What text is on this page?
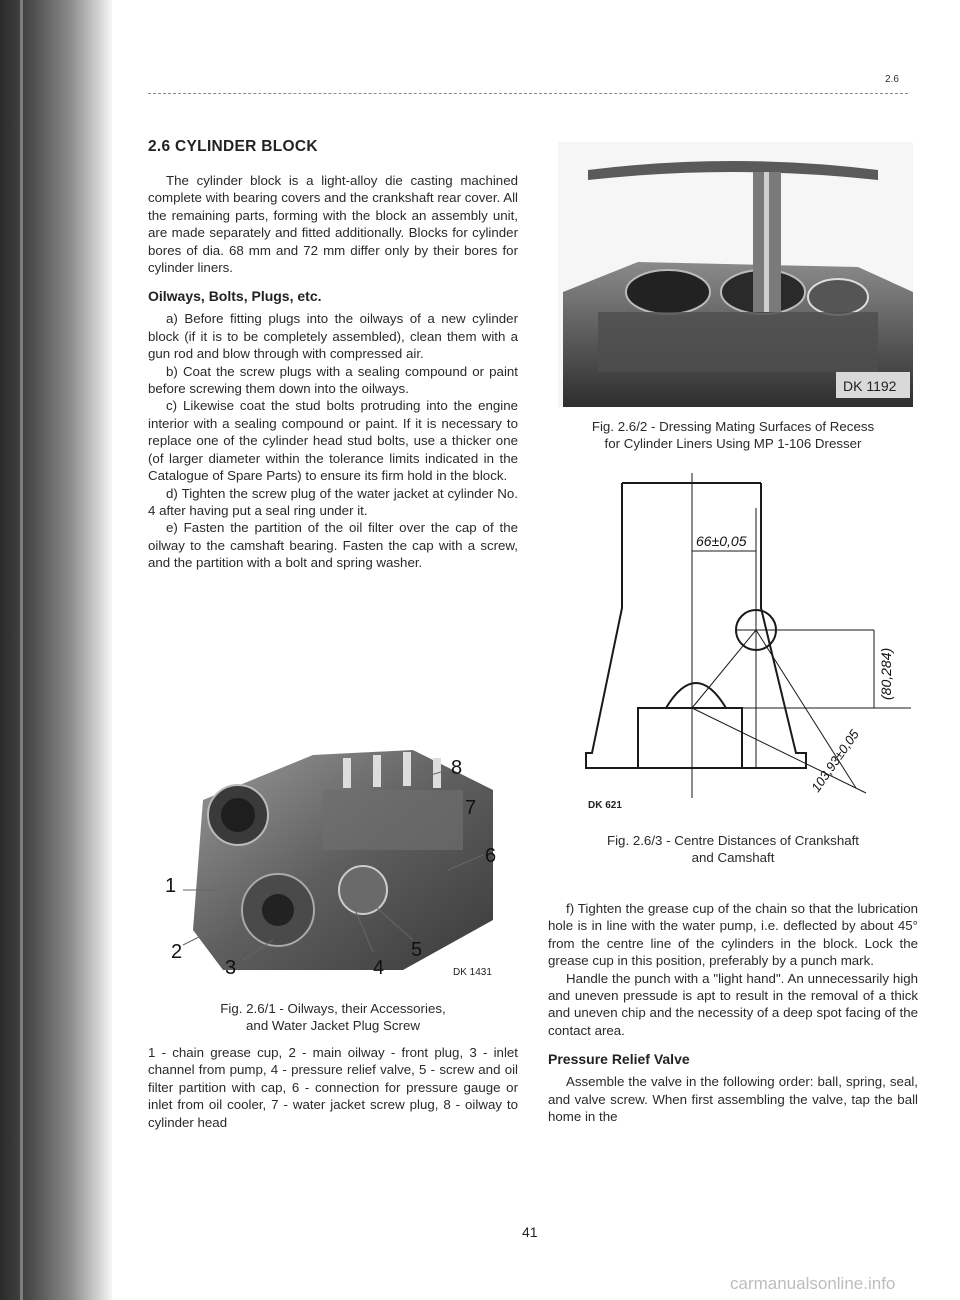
2.6
2.6 CYLINDER BLOCK

The cylinder block is a light-alloy die casting machined complete with bearing covers and the crankshaft rear cover. All the remaining parts, forming with the block an assembly unit, are made separately and fitted additionally. Blocks for cylinder bores of dia. 68 mm and 72 mm differ only by their bores for cylinder liners.

Oilways, Bolts, Plugs, etc.

a) Before fitting plugs into the oilways of a new cylinder block (if it is to be completely assembled), clean them with a gun rod and blow through with compressed air.

b) Coat the screw plugs with a sealing compound or paint before screwing them down into the oilways.

c) Likewise coat the stud bolts protruding into the engine interior with a sealing compound or paint. If it is necessary to replace one of the cylinder head stud bolts, use a thicker one (of larger diameter within the tolerance limits indicated in the Catalogue of Spare Parts) to ensure its firm hold in the block.

d) Tighten the screw plug of the water jacket at cylinder No. 4 after having put a seal ring under it.

e) Fasten the partition of the oil filter over the cap of the oilway to the camshaft bearing. Fasten the cap with a screw, and the partition with a bolt and spring washer.

1
2
3	4
5
6
7
8
DK 1431
Fig. 2.6/1 - Oilways, their Accessories,
and Water Jacket Plug Screw
1 - chain grease cup, 2 - main oilway - front plug, 3 - inlet channel from pump, 4 - pressure relief valve, 5 - screw and oil filter partition with cap, 6 - connection for pressure gauge or inlet from oil cooler, 7 - water jacket screw plug, 8 - oilway to cylinder head
DK 1192
Fig. 2.6/2 - Dressing Mating Surfaces of Recess
for Cylinder Liners Using MP 1-106 Dresser
66±0,05
(80,284)
103,93±0,05
DK 621
Fig. 2.6/3 - Centre Distances of Crankshaft
and Camshaft

f) Tighten the grease cup of the chain so that the lubrication hole is in line with the water pump, i.e. deflected by about 45° from the centre line of the cylinders in the block. Lock the grease cup in this position, preferably by a punch mark.

Handle the punch with a "light hand". An unnecessarily high and uneven pressude is apt to result in the removal of a thick and uneven chip and the necessity of a deep spot facing of the contact area.

Pressure Relief Valve

Assemble the valve in the following order: ball, spring, seal, and valve screw. When first assembling the valve, tap the ball home in the

41
carmanualsonline.info
